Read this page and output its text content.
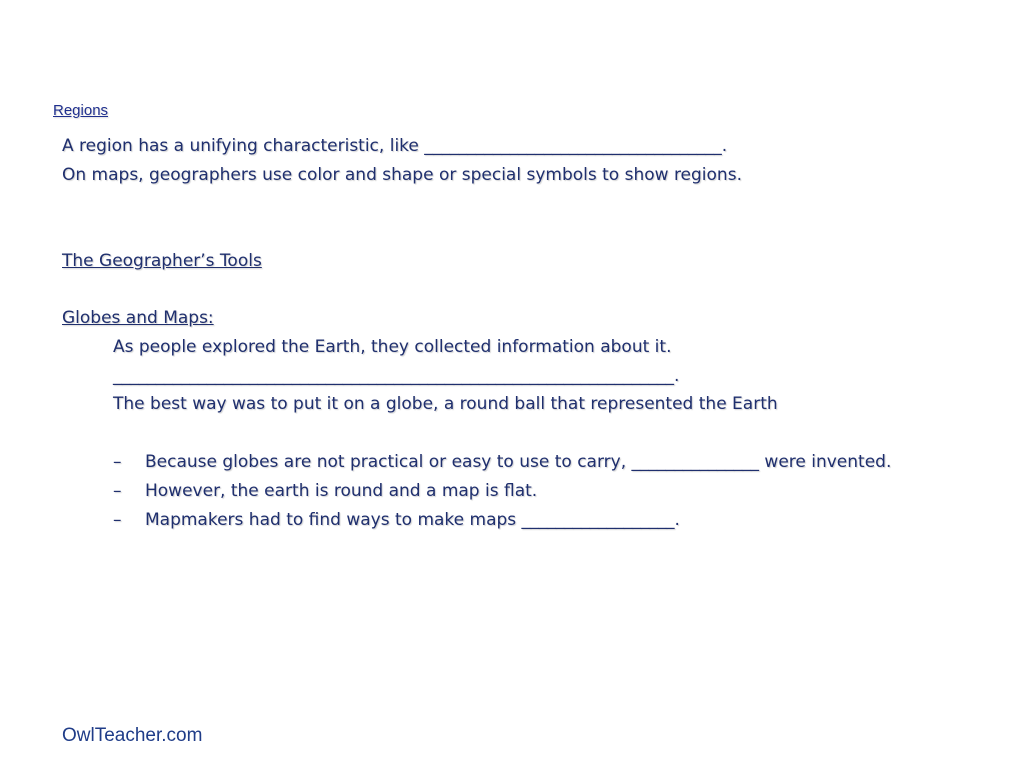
Regions
A region has a unifying characteristic, like ___________________________________.
On maps, geographers use color and shape or special symbols to show regions.
The Geographer’s Tools
Globes and Maps:
As people explored the Earth, they collected information about it.
__________________________________________________________________.
The best way was to put it on a globe, a round ball that represented the Earth
– Because globes are not practical or easy to use to carry, _______________ were invented.
– However, the earth is round and a map is flat.
– Mapmakers had to find ways to make maps __________________.
OwlTeacher.com
